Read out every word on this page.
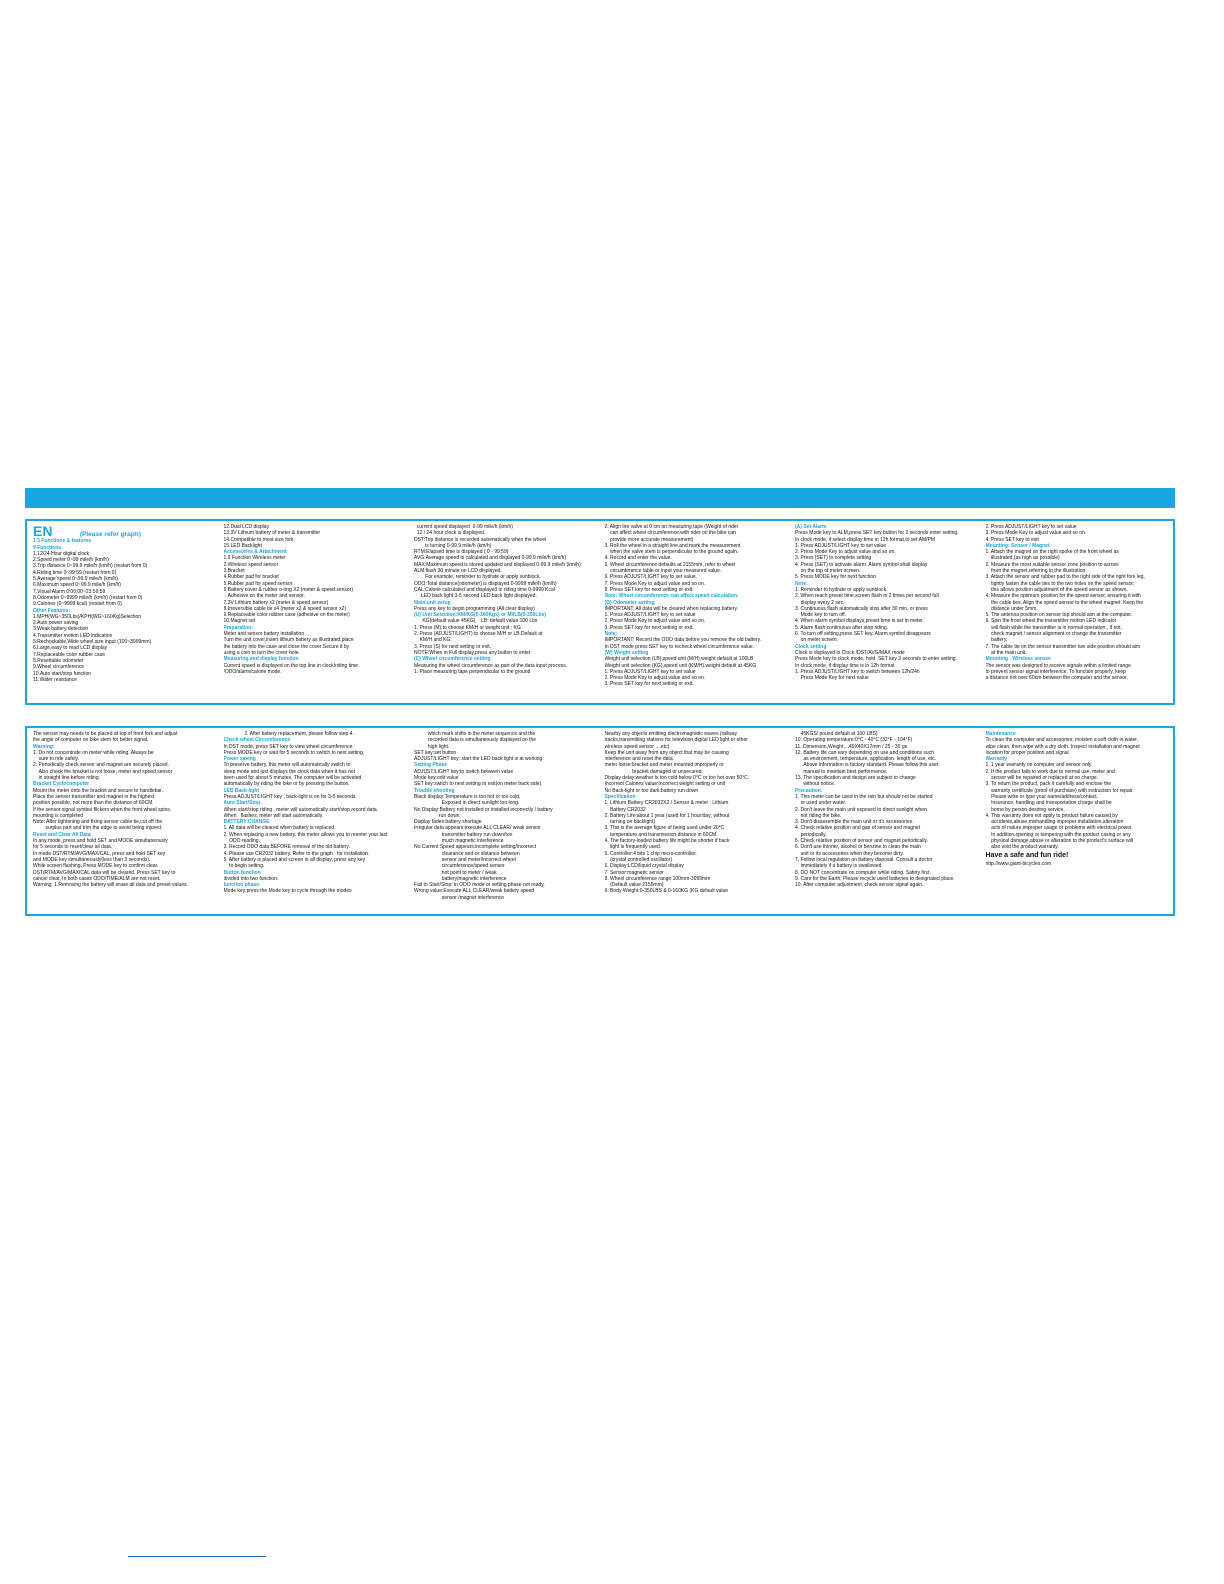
EN	(Please refer graph)

1 5 Functions & features

9 Functions

1.12/24 Hour digital clock

2.Speed meter 0~99 mile/h (km/h)

3.Trip distance 0~99.9 mile/h (km/h) (restart from 0)

4.Riding time 0~99:59 (restart from 0)

5.Average speed 0~99.9 mile/h (km/h)

6.Maximum speed 0~99.9 mile/h (km/h)

7.Visual Alarm 0:00:00~23:59:59

8.Odometer 0~9999 mile/h (km/h) (restart from 0)

9.Calories (0~9999 kcal) (restart from 0)

Other Features:

1.MPH(WG~350Lbs)/KPH(WG~160Kg)Selection

2.Auto power saving

3.Weak battery detection

4.Transmitter motion LED indication

5.Rechockable,Wide wheel size input (100~3999mm)

6.Large,easy to read LCD display

7.Replaceable color rubber case

8.Resettable odometer

9.Wheel circumference

10.Auto start/stop function

11.Water resistance

12.Dual LCD display

13.3V Lithium battery of meter & transmitter

14.Compatible to most size fork

15.LED Backlight

Accessories & Attachment

1.9 Function Wireless meter

2.Wireless speed sensor

3.Bracket

4.Rubber pad for bracket

5.Rubber pad for speed sensor

6.Battery cover & rubber o-ring X2 (meter & speed sensor)

Adhesive on the meter and sensor.

7.3V Lithium battery x2 (meter & speed sensor)

8.Irreversible cable tie x4 (meter x2 & speed sensor x2)

9.Replaceable color rubber case (adhesive on the meter)

10.Magnet set

Preparation:

Meter and sensor battery installation

Turn the unit cover,insert lithium battery as illustrated,place

the battery into the case and close the cover.Secure it by

using a coin to turn the cover hole.

Measuring and display function

Current speed is displayed on the top line in clock/riding time

/ODO/alarm/calorie mode.

current speed displayed  0-99 mile/h (km/h)

12 / 24 hour clock is displayed,

DST:Trip distance is recorded automatically when the wheel

is turning 0-99.9 mile/h (km/h)

RTM:Elapsed time is displayed ( 0 - 99:59)

AVG:Average speed is calculated and displayed 0-99.9 mile/h (km/h)

MAX:Maximum speed is stored updated and displayed 0-99.9 mile/h (km/h)

ALM:flash 30 minute on LCD displayed.

For example, reminder to hydrate or apply sunblock.

ODO:Total distance(odometer) is displayed 0-9999 mile/h (km/h)

CAL:Calorie calculated and displayed in riding time 0-9999 Kcal

LED back light:3-5 second LED back light displayed.

Main unit setup

Press any key to begin programming (All clear display)

(U) Unit Selection:KM/KG(0-160Kgs) or MI/LB(0-350Lbs)

KG(default value 45KG)    LB: default value 100 Lbs

1. Press (M) to choose KM/H or weight unit : KG

2. Press (ADJUST/LIGHT) to choose M/H or LB.Default at

KM/H and KG.

3. Press (S) for next setting or exit.

NOTE:When in Full display,press any button to enter

(C) Wheel circumference setting:

Measuring the wheel circumference as part of the data input process.

1. Place measuring tape perpendicular to the ground

2. Align tire valve at 0 cm on measuring tape (Weight of rider

can affect wheel circumference,with rider on the bike can

provide more accurate measurement)

3. Roll the wheel in a straight line and mark the measurement

when the valve stem is perpendicular to the ground again.

4. Record and enter the value.

5. Wheel circumference defaults at 2155mm, refer to wheel

circumference table or input your measured value.

6. Press ADJUST/LIGHT key to set value.

7. Press Mode Key to adjust value and so on.

8. Press SET key for next setting or exit.

Note: Wheel circumference can affect speed calculation.

(O) Odometer setting

IMPORTANT: All data will be cleared when replacing battery.

1. Press ADJUST/LIGHT key to set value

2. Press Mode Key to adjust value and so on.

3. Press SET key for next setting or exit.

Note:

IMPORTANT: Record the ODO data before you remove the old battery.

In DST mode press SET key to recheck wheel circumference value.

(W) Weight setting

Weight unit selection (LB),speed unit (M/H),weight default at 100LB

Weight unit selection (KG),speed unit (KM/H),weight default at 45KG

1. Press ADJUST/LIGHT key to set value

2. Press Mode Key to adjust value and so on.

3. Press SET key for next setting or exit.

(A) Set Alarm

Press Mode key to ALM,press SET key button for 2 seconds enter setting.

In clock mode, if select display time in 12h format,to set AM/PM

1. Press ADJUST/LIGHT key to set value

2. Press Mode Key to adjust value and so on.

3. Press (SET) to complete setting

4. Press (SET) to activate alarm. Alarm symbol shall display

on the top of meter screen.

5. Press MODE key for next function

Note:

1. Reminder to hydrate or apply sunblock.

2. When reach preset time,screen flash in 2 times per second full

display every 2 sec.

3. Continuous flash automatically stop after 30 min, or press

Mode key to turn off.

4. When alarm symbol displays,preset time is set in meter.

5. Alarm flash continuous after stop riding.

6. To turn off setting,press SET key. Alarm symbol disappears

on meter screen.

Clock setting

Clock is displayed in Clock /DST/AVG/MAX mode

Press Mode key to clock mode, hold  SET key 3 seconds to enter setting.

In clock mode, if display time is in 12h format

1. Press ADJUST/LIGHT key to switch between 12h/24h

Press Mode Key for next value

2. Press ADJUST/LIGHT key to set value

3. Press Mode Key to adjust value and so on.

4. Press SET key to exit

Mounting: Sensor / Magnet

1. Attach the magnet on the right spoke of the front wheel as

illustrated,(as high as possible)

2. Measure the most suitable sensor zone position to across

from the magnet,referring to the illustration.

3. Attach the sensor and rubber pad to the right side of the right fork leg,

tightly fasten the cable ties to the two holes on the speed sensor;

this allows position adjustment of the speed sensor as shown.

4. Measure the optimum position for the speed sensor, ensuring it with

the cable ties. Align the speed sensor to the wheel magnet. Keep the

distance under 5mm.

5. The antenna position on sensor top should aim at the computer.

6. Spin the front wheel,the transmitter motion LED indicator

will flash while the transmitter is in normal operation., If not,

check magnet / sensor alignment or change the transmitter

battery.

7. The cable tie on the sensor transmitter two side position should aim

at the main unit.

Mounting : Wireless sensor

The sensor was designed to receive signals within a limited range

to prevent sensor signal interference. To function properly, keep

a distance not over 60cm between the computer and the sensor.

The sensor may needs to be placed at top of front fork and adjust

the angle of computer on bike stem for better signal.

Warning:

1. Do not concentrate on meter while riding. Always be

sure to ride safely.

2. Periodically check sensor and magnet are securely placed.

Also check the bracket is not loose, meter and speed sensor

in straight line before riding.

Bracket Cyclocomputer

Mount the meter onto the bracket and secure to handlebar.

Place the sensor transmitter and magnet in the highest

position possible. not more than the distance of 60CM.

If the sensor signal symbol flickers when the front wheel spins,

mounting is completed

Note: After tightening and fixing sensor cable tie,cut off the

surplus part and trim the edge to avoid being injured.

Reset and Clear All Data

In any mode, press and hold SET and MODE simultaneously

for 5 seconds to reset/clear all data.

In mode DST/RTM/AVG/MAX/CAL, press and hold SET key

and MODE key simultaneously(less than 3 seconds).

While screen flashing, Press MODE key to confirm clear.

DST/RTM/AVG/MAX/CAL data will be cleared, Press SET key to

cancel clear, In both cases ODO/TIME/ALM are not reset.

Warning: 1.Removing the battery will erase all data and preset values.

2. After battery replacement, please follow step 4.

Check wheel Circumference

In DST mode, press SET key to view wheel circumference.

Press MODE key or wait for 5 seconds to switch to next setting.

Power saving

To preserve battery, this meter will automatically switch to

sleep mode and just displays the clock data when it has not

been used for about 5 minutes. The computer will be activated

automatically by riding the bike or by pressing the button.

LED Back-light

Press ADJUST/LIGHT key , back-light is on for 3-5 seconds.

Auto Start/Stop

When start/stop riding , meter will automatically start/stop record data.

When   flashes, meter will start automatically.

BATTERY CHANGE

1. All data will be cleared when battery is replaced.

2. When replacing a new battery, this meter allows you to reenter your last

ODO reading.

3. Record ODO data BEFORE removal of the old battery.

4. Please use CR2032 battery. Refer to the graph   for installation.

5. After battery is placed and screen in all display, press any key

to begin setting.

Button function

divided into two function:

function phase:

Mode key:press the Mode key to cycle through the modes

which mark shifts in the meter sequence and the

recorded data is simultaneously displayed on the

high light.

SET key:set button

ADJUST/LIGHT key: start the LED back light is at working

Setting Phase

ADJUST/LIGHT key:to switch between value

Mode key:edit value

SET key:switch to next setting or exit(on meter back side).

Trouble shooting

Black display:Temperature is too hot or too cold,

Exposed in direct sunlight too long.

No Display:Battery not installed or installed incorrectly / battery

run down

Display fades:battery shortage

Irregular data appears:execute ALL CLEAR/ weak sensor

transmitter battery run down/too

much magnetic interference

No Current Speed appears:incomplete setting/incorrect

clearance and-or distance between

sensor and meter/incorrect wheel

circumference/speed sensor

not point to meter / weak

battery/magnetic interference

Fail to Start/Stop: in ODO mode or setting phase not ready.

Wrong value:Execute ALL CLEAR/weak battery speed

sensor /magnet interference

Nearby any objects emitting electromagnetic waves (railway

tracks,transmitting stations for television,digital LED light or other

wireless speed sensor ....etc).

Keep the unit away from any object that may be causing

interference and reset the data.

meter loose:bracket and meter mounted improperly or

bracket damaged or unsecured.

Display delay:weather is too cold below 0°C or too hot over 50°C.

Incorrect Calories value:Incorrect weight setting or unit

No Back-light or too dark:battery run down

Specification

1. Lithium Battery CR2032X2 / Sensor & meter : Lithium

Battery CR2032

2. Battery Life:about 1 year (used for 1 hour/day; without

turning on backlight)

3. This is the average figure of being used under 20°C

temperature and transmission distance in 60CM.

4. The factory-loaded battery life might be shorter if back

light is frequently used.

5. Controller:4 bits 1 chip micro-controller.

(crystal controlled oscillator)

6. Display:LCD/liquid crystal display

7. Sensor:magnetic sensor

8. Wheel circumference range:100mm-3999mm

(Default value 2155mm)

9. Body Weight:0-350LBS & 0-160KG (KG default value

45KGS/ pound default at 100 LBS)

10. Operating temperature:0°C - 40°C (32°F - 104°F)

11. Dimension,Weight....49X40X17mm / 25 - 30 gs

12. Battery life can vary depending on use and conditions such

as environment, temperature, application, length of use, etc.

Above information is factory standard. Please follow this user

manual to maintain best performance.

13. The specification and design are subject to change

without notice.

Precaution:

1. This meter can be used in the rain but should not be started

or used under water.

2. Don't leave the main unit exposed to direct sunlight when

not riding the bike.

3. Don't disassemble the main unit or it's accessories.

4. Check relative position and gap of sensor and magnet

periodically.

5. Check relative position of sensor and magnet periodically.

6. Don't use thinner, alcohol or benzine to clean the main

unit or its accessories when they become dirty.

7. Follow local regulation on battery disposal. Consult a doctor

immediately if a battery is swallowed.

8. DO NOT concentrate on computer while riding. Safety first.

9. Care for the Earth. Please recycle used batteries to designated place.

10. After computer adjustment, check sensor signal again.

Maintenance

To clean the computer and accessories; moisten a soft cloth in water,

wipe clean, then wipe with a dry cloth. Inspect installation and magnet

location for proper position and signal.

Warranty

1. 1 year warranty on computer and sensor only

2. If the product fails to work due to normal use, meter and

sensor will be repaired or replaced at no charge.

3. To return the product, pack it carefully and enclose the

warranty certificate (proof of purchase) with instruction for repair.

Please write or type your name/address/contact.

Insurance, handling and transportation charge shall be

borne by person desiring service.

4. This warranty does not apply to product failure caused by

accidents,abuse,mishandling improper installation,alteration

acts of nature,improper usage or problems with electrical power.

In addition,opening or tampering with the product casing or any

physical damage,abuse or alteration to the product's surface will

also void the product warranty.

Have a safe and fun ride!

http://www.giant-bicycles.com
